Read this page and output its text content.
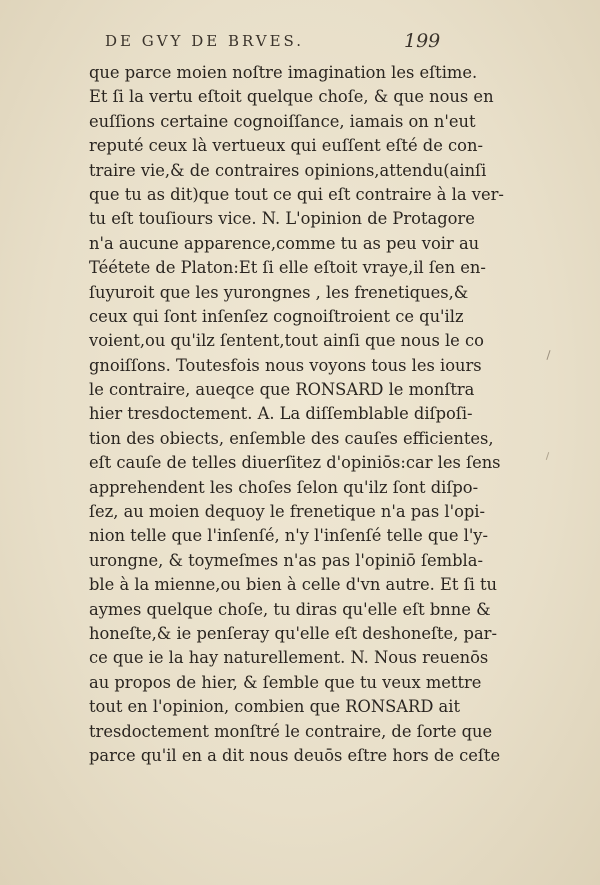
DE GVY DE BRVES.	199
que parce moien noſtre imagination les eſtime.
Et ſi la vertu eſtoit quelque choſe, & que nous en
euſſions certaine cognoiſſance, iamais on n'eut
reputé ceux là vertueux qui euſſent eſté de con-
traire vie,& de contraires opinions,attendu(ainſi
que tu as dit)que tout ce qui eſt contraire à la ver-
tu eſt touſiours vice. N. L'opinion de Protagore
n'a aucune apparence,comme tu as peu voir au
Téétete de Platon:Et ſi elle eſtoit vraye,il ſen en-
ſuyuroit que les yurongnes , les frenetiques,&
ceux qui ſont inſenſez cognoiſtroient ce qu'ilz
voient,ou qu'ilz ſentent,tout ainſi que nous le co
gnoiſſons. Toutesfois nous voyons tous les iours
le contraire, aueqce que RONSARD le monſtra
hier tresdoctement. A. La diſſemblable diſpoſi-
tion des obiects, enſemble des cauſes efficientes,
eſt cauſe de telles diuerſitez d'opiniōs:car les ſens
apprehendent les choſes ſelon qu'ilz ſont diſpo-
ſez, au moien dequoy le frenetique n'a pas l'opi-
nion telle que l'inſenſé, n'y l'inſenſé telle que l'y-
urongne, & toymeſmes n'as pas l'opiniō ſembla-
ble à la mienne,ou bien à celle d'vn autre. Et ſi tu
aymes quelque choſe, tu diras qu'elle eſt bnne &
honeſte,& ie penſeray qu'elle eſt deshoneſte, par-
ce que ie la hay naturellement. N. Nous reuenōs
au propos de hier, & ſemble que tu veux mettre
tout en l'opinion, combien que RONSARD ait
tresdoctement monſtré le contraire, de ſorte que
parce qu'il en a dit nous deuōs eſtre hors de ceſte
